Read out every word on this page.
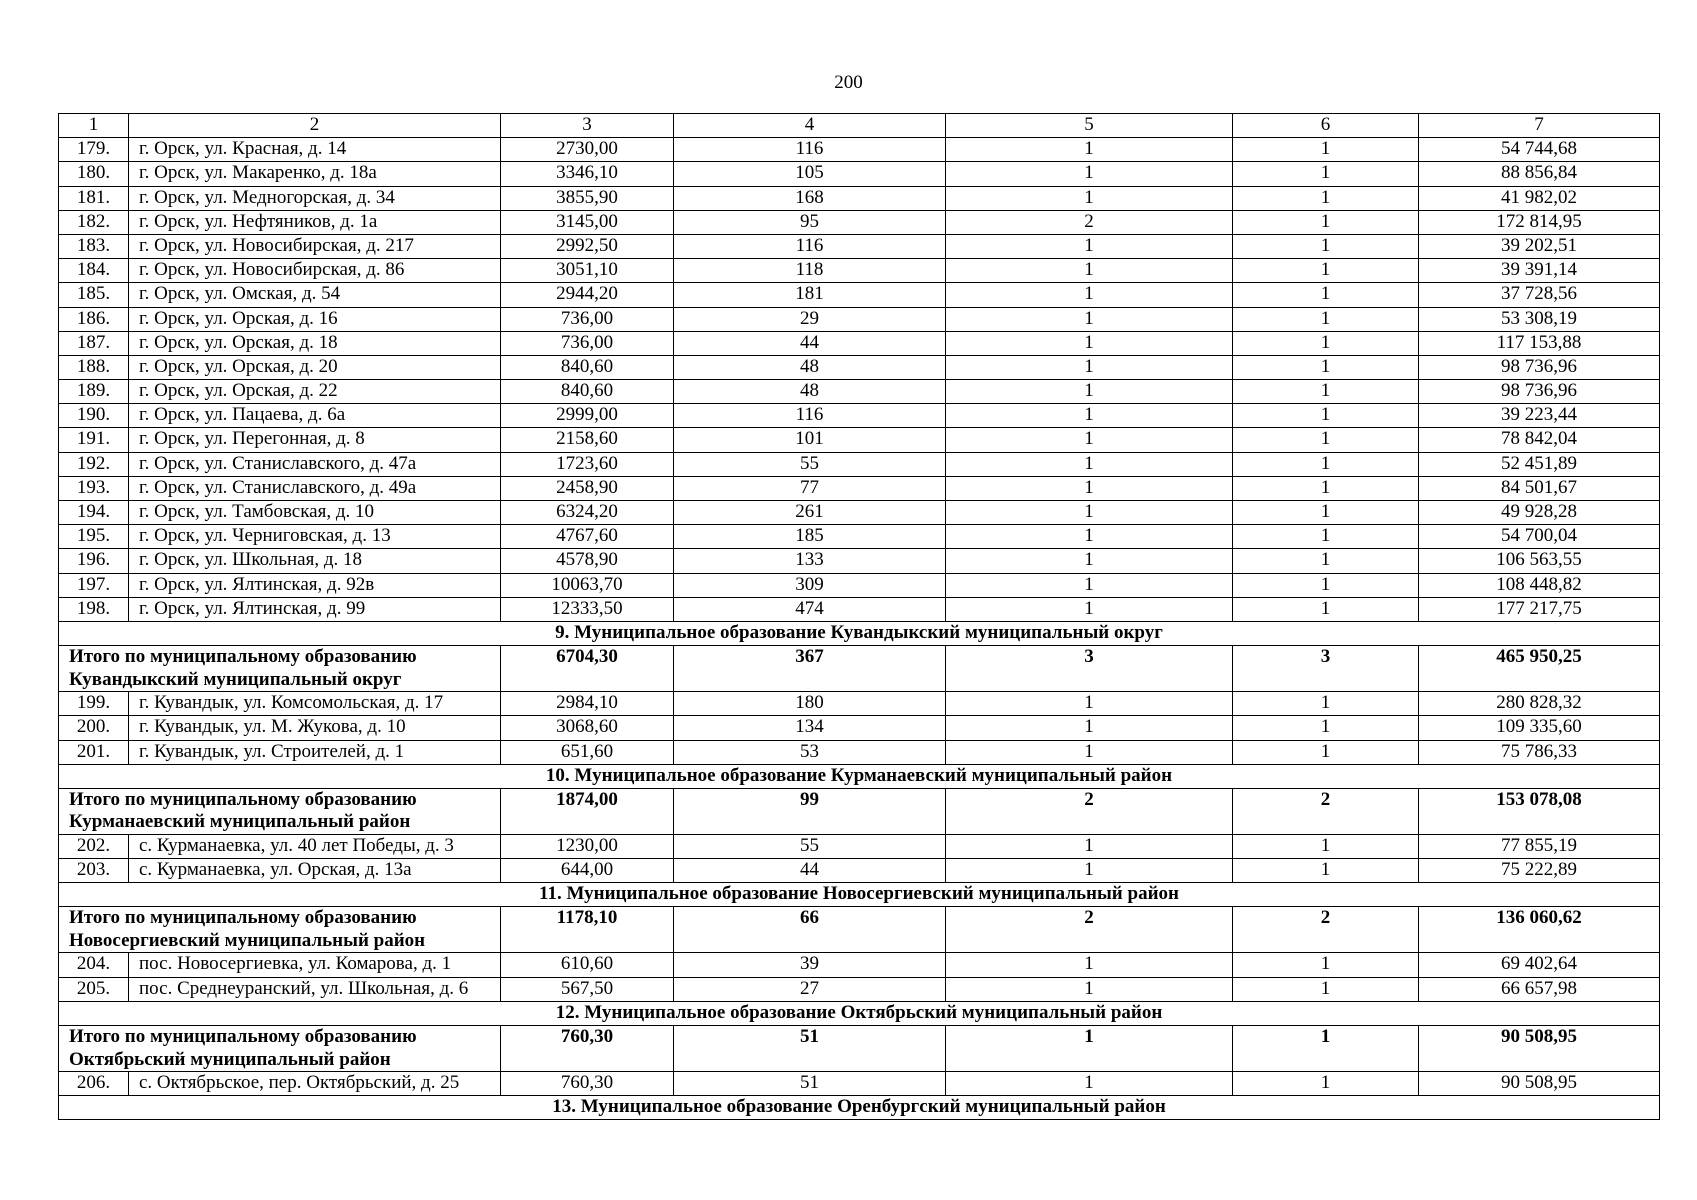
200
1	2	3	4	5	6	7
179.	г. Орск, ул. Красная, д. 14	2730,00	116	1	1	54 744,68
180.	г. Орск, ул. Макаренко, д. 18а	3346,10	105	1	1	88 856,84
181.	г. Орск, ул. Медногорская, д. 34	3855,90	168	1	1	41 982,02
182.	г. Орск, ул. Нефтяников, д. 1а	3145,00	95	2	1	172 814,95
183.	г. Орск, ул. Новосибирская, д. 217	2992,50	116	1	1	39 202,51
184.	г. Орск, ул. Новосибирская, д. 86	3051,10	118	1	1	39 391,14
185.	г. Орск, ул. Омская, д. 54	2944,20	181	1	1	37 728,56
186.	г. Орск, ул. Орская, д. 16	736,00	29	1	1	53 308,19
187.	г. Орск, ул. Орская, д. 18	736,00	44	1	1	117 153,88
188.	г. Орск, ул. Орская, д. 20	840,60	48	1	1	98 736,96
189.	г. Орск, ул. Орская, д. 22	840,60	48	1	1	98 736,96
190.	г. Орск, ул. Пацаева, д. 6а	2999,00	116	1	1	39 223,44
191.	г. Орск, ул. Перегонная, д. 8	2158,60	101	1	1	78 842,04
192.	г. Орск, ул. Станиславского, д. 47а	1723,60	55	1	1	52 451,89
193.	г. Орск, ул. Станиславского, д. 49а	2458,90	77	1	1	84 501,67
194.	г. Орск, ул. Тамбовская, д. 10	6324,20	261	1	1	49 928,28
195.	г. Орск, ул. Черниговская, д. 13	4767,60	185	1	1	54 700,04
196.	г. Орск, ул. Школьная, д. 18	4578,90	133	1	1	106 563,55
197.	г. Орск, ул. Ялтинская, д. 92в	10063,70	309	1	1	108 448,82
198.	г. Орск, ул. Ялтинская, д. 99	12333,50	474	1	1	177 217,75
9. Муниципальное образование Кувандыкский муниципальный округ						

Итого по муниципальному образованию
Кувандыкский муниципальный округ		6704,30	367	3	3	465 950,25
199.	г. Кувандык, ул. Комсомольская, д. 17	2984,10	180	1	1	280 828,32
200.	г. Кувандык, ул. М. Жукова, д. 10	3068,60	134	1	1	109 335,60
201.	г. Кувандык, ул. Строителей, д. 1	651,60	53	1	1	75 786,33
10. Муниципальное образование Курманаевский муниципальный район						

Итого по муниципальному образованию
Курманаевский муниципальный район		1874,00	99	2	2	153 078,08
202.	с. Курманаевка, ул. 40 лет Победы, д. 3	1230,00	55	1	1	77 855,19
203.	с. Курманаевка, ул. Орская, д. 13а	644,00	44	1	1	75 222,89
11. Муниципальное образование Новосергиевский муниципальный район						

Итого по муниципальному образованию
Новосергиевский муниципальный район		1178,10	66	2	2	136 060,62
204.	пос. Новосергиевка, ул. Комарова, д. 1	610,60	39	1	1	69 402,64
205.	пос. Среднеуранский, ул. Школьная, д. 6	567,50	27	1	1	66 657,98
12. Муниципальное образование Октябрьский муниципальный район						

Итого по муниципальному образованию
Октябрьский муниципальный район		760,30	51	1	1	90 508,95
206.	с. Октябрьское, пер. Октябрьский, д. 25	760,30	51	1	1	90 508,95
13. Муниципальное образование Оренбургский муниципальный район						
